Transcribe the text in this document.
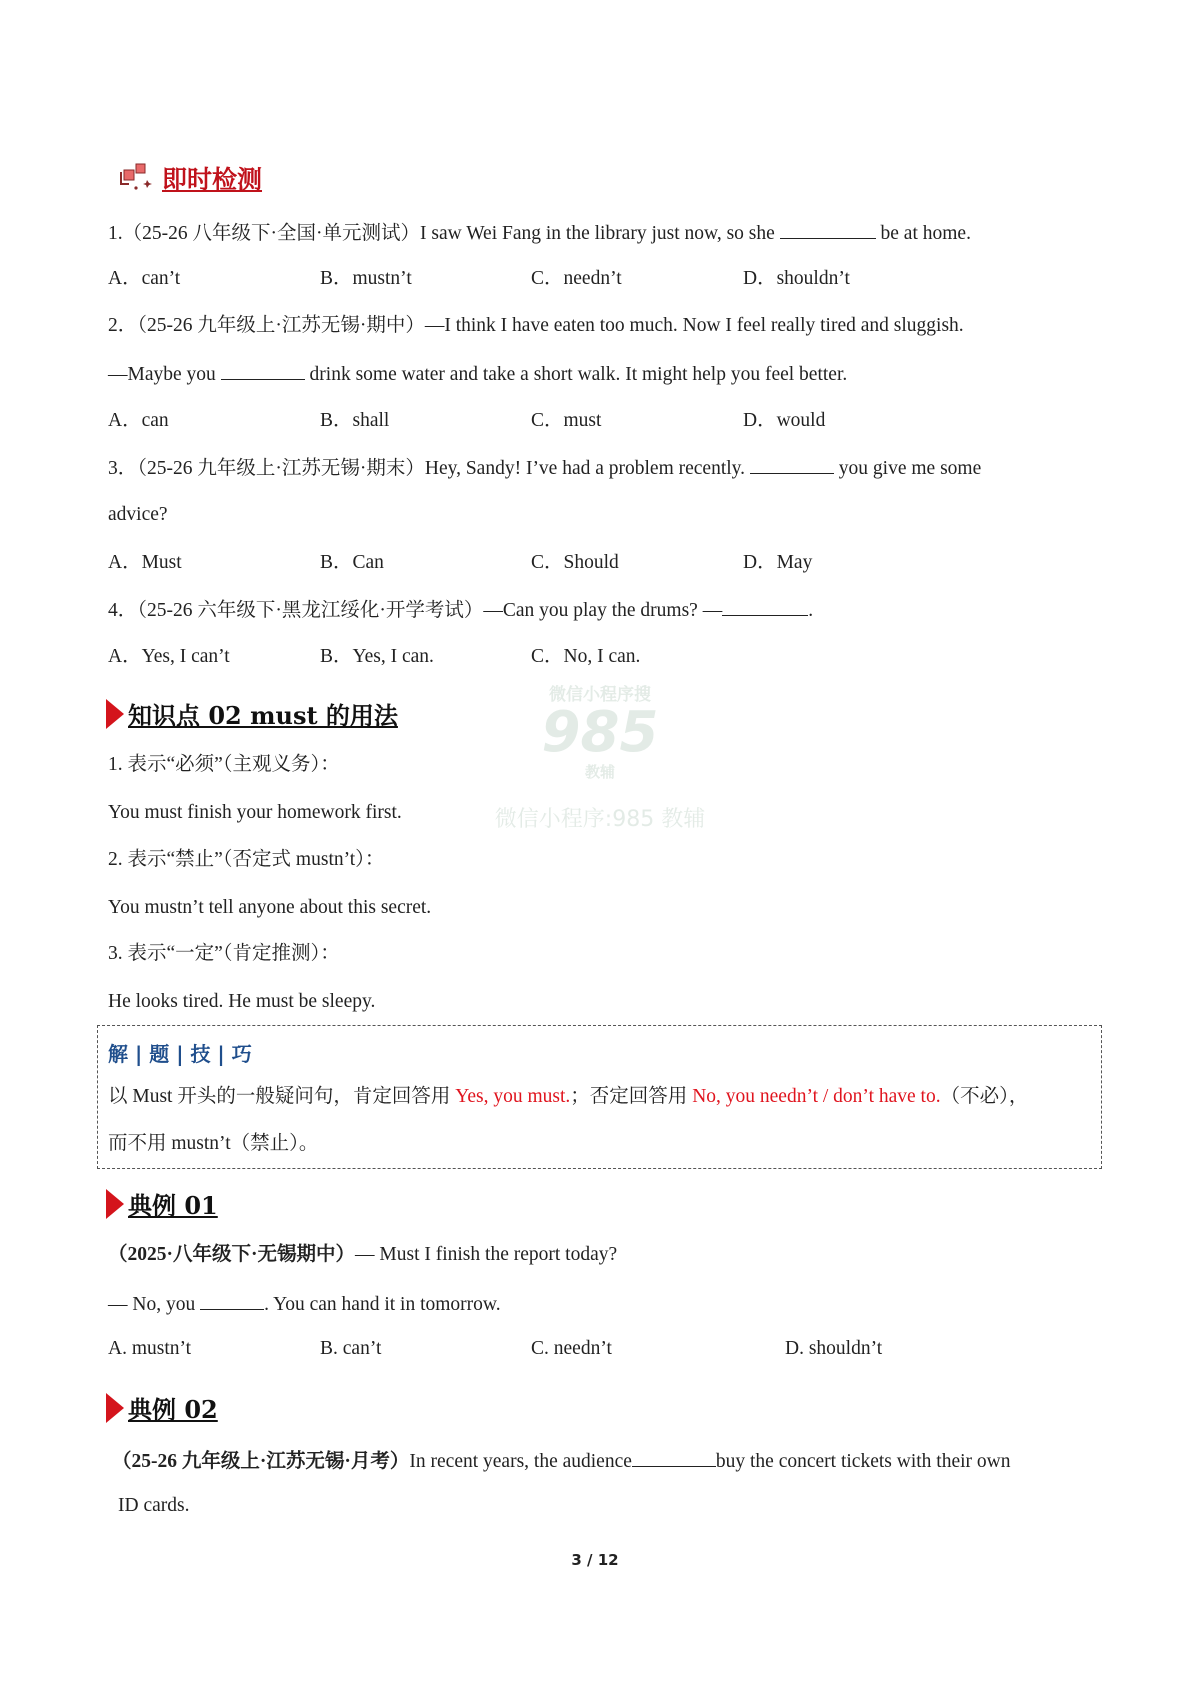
微信小程序搜
985
教辅
微信小程序:985 教辅
即时检测
1.（25-26 八年级下·全国·单元测试）I saw Wei Fang in the library just now, so she	be at home.
A．can’t	B．mustn’t	C．needn’t	D．shouldn’t
2．（25-26 九年级上·江苏无锡·期中）—I think I have eaten too much. Now I feel really tired and sluggish.
—Maybe you	drink some water and take a short walk. It might help you feel better.
A．can	B．shall	C．must	D．would
3．（25-26 九年级上·江苏无锡·期末）Hey, Sandy! I’ve had a problem recently.	you give me some
advice?
A．Must	B．Can	C．Should	D．May
4．（25-26 六年级下·黑龙江绥化·开学考试）—Can you play the drums? —	.
A．Yes, I can’t	B．Yes, I can.	C．No, I can.
知识点 02 must 的用法
1. 表示“必须”（主观义务）：
You must finish your homework first.
2. 表示“禁止”（否定式 mustn’t）：
You mustn’t tell anyone about this secret.
3. 表示“一定”（肯定推测）：
He looks tired. He must be sleepy.
解 | 题 | 技 | 巧
以 Must 开头的一般疑问句，肯定回答用 Yes, you must.；否定回答用 No, you needn’t / don’t have to.（不必），
而不用 mustn’t（禁止）。
典例 01
（2025·八年级下·无锡期中）— Must I finish the report today?
— No, you	. You can hand it in tomorrow.
A. mustn’t	B. can’t	C. needn’t	D. shouldn’t
典例 02
（25-26 九年级上·江苏无锡·月考）In recent years, the audience	buy the concert tickets with their own
ID cards.
3 / 12
